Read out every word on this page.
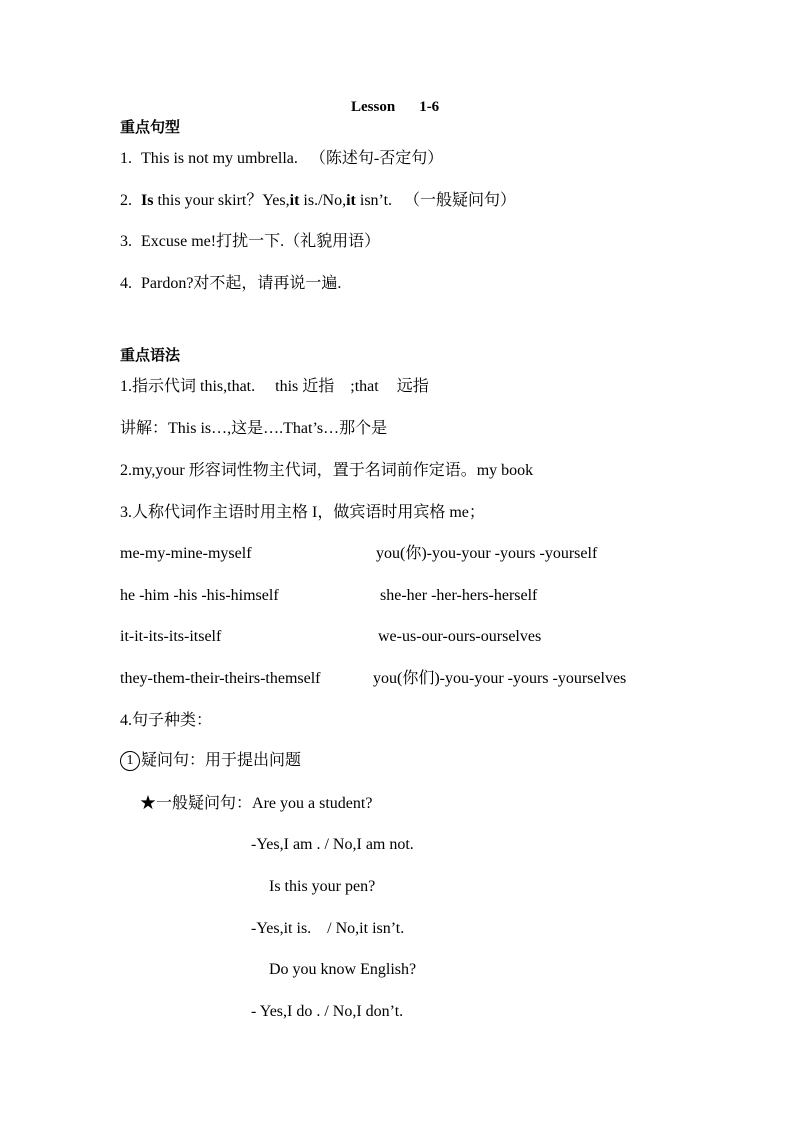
Lesson 1-6
重点句型
1. This is not my umbrella. （陈述句-否定句）
2. Is this your skirt？Yes,it is./No,it isn’t. （一般疑问句）
3. Excuse me!打扰一下.（礼貌用语）
4. Pardon?对不起，请再说一遍.
重点语法
1.指示代词 this,that. this 近指 ;that 远指
讲解：This is…,这是….That’s…那个是
2.my,your 形容词性物主代词，置于名词前作定语。my book
3.人称代词作主语时用主格 I，做宾语时用宾格 me；
me-my-mine-myself	you(你)-you-your -yours -yourself
he -him -his -his-himself	she-her -her-hers-herself
it-it-its-its-itself	we-us-our-ours-ourselves
they-them-their-theirs-themself	you(你们)-you-your -yours -yourselves
4.句子种类：
1 疑问句：用于提出问题
★一般疑问句：Are you a student?
-Yes,I am . / No,I am not.
Is this your pen?
-Yes,it is.    / No,it isn’t.
Do you know English?
- Yes,I do . / No,I don’t.
